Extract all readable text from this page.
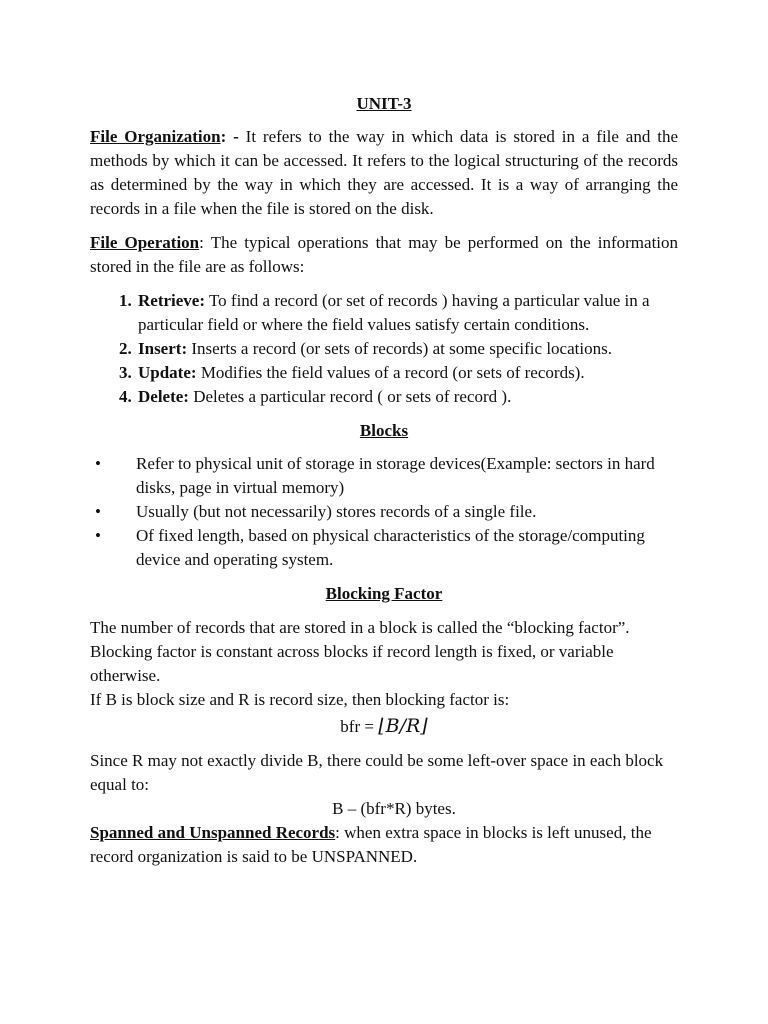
UNIT-3

File Organization: - It refers to the way in which data is stored in a file and the methods by which it can be accessed. It refers to the logical structuring of the records as determined by the way in which they are accessed. It is a way of arranging the records in a file when the file is stored on the disk.

File Operation: The typical operations that may be performed on the information stored in the file are as follows:

1. Retrieve: To find a record (or set of records ) having a particular value in a particular field or where the field values satisfy certain conditions.
2. Insert: Inserts a record (or sets of records) at some specific locations.
3. Update: Modifies the field values of a record (or sets of records).
4. Delete: Deletes a particular record ( or sets of record ).

Blocks

• Refer to physical unit of storage in storage devices(Example: sectors in hard disks, page in virtual memory)
• Usually (but not necessarily) stores records of a single file.
• Of fixed length, based on physical characteristics of the storage/computing device and operating system.

Blocking Factor

The number of records that are stored in a block is called the “blocking factor”. Blocking factor is constant across blocks if record length is fixed, or variable otherwise.

If B is block size and R is record size, then blocking factor is:

bfr = ⌊B/R⌋

Since R may not exactly divide B, there could be some left-over space in each block equal to:

B – (bfr*R) bytes.

Spanned and Unspanned Records: when extra space in blocks is left unused, the record organization is said to be UNSPANNED.
